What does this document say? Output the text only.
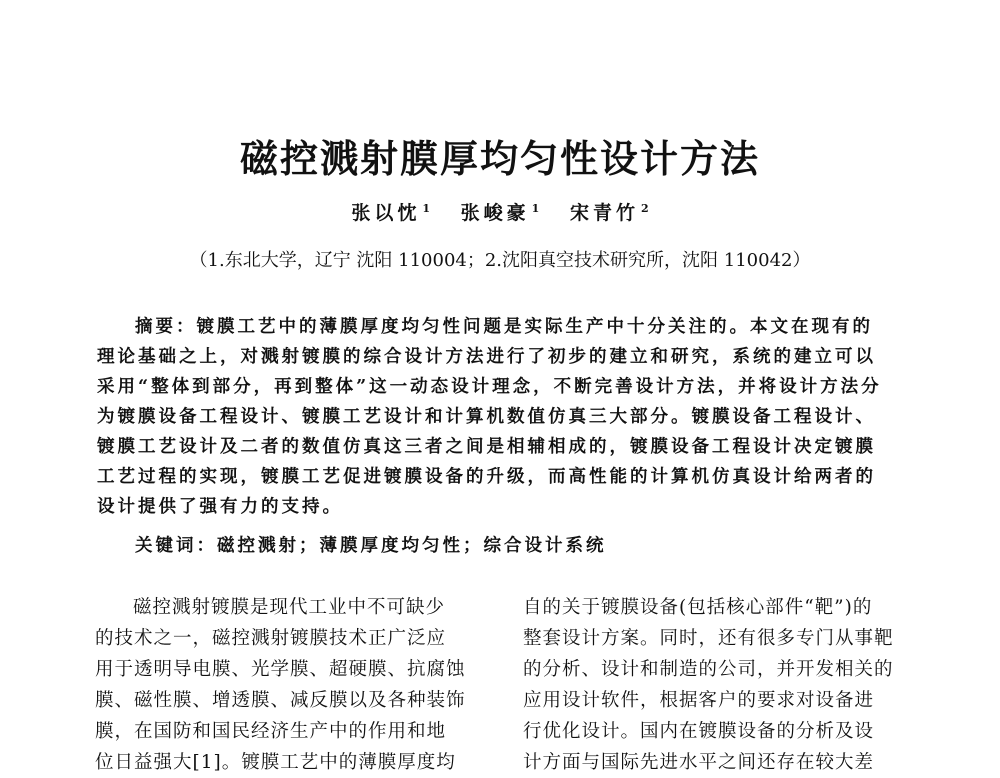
磁控溅射膜厚均匀性设计方法
张以忱 $^1$ 张峻豪 $^1$ 宋青竹 $^2$
（1.东北大学，辽宁 沈阳 110004；2.沈阳真空技术研究所，沈阳 110042）
摘要：镀膜工艺中的薄膜厚度均匀性问题是实际生产中十分关注的。本文在现有的
理论基础之上，对溅射镀膜的综合设计方法进行了初步的建立和研究，系统的建立可以
采用“整体到部分，再到整体”这一动态设计理念，不断完善设计方法，并将设计方法分
为镀膜设备工程设计、镀膜工艺设计和计算机数值仿真三大部分。镀膜设备工程设计、
镀膜工艺设计及二者的数值仿真这三者之间是相辅相成的，镀膜设备工程设计决定镀膜
工艺过程的实现，镀膜工艺促进镀膜设备的升级，而高性能的计算机仿真设计给两者的
设计提供了强有力的支持。
关键词：磁控溅射；薄膜厚度均匀性；综合设计系统
磁控溅射镀膜是现代工业中不可缺少
的技术之一，磁控溅射镀膜技术正广泛应
用于透明导电膜、光学膜、超硬膜、抗腐蚀
膜、磁性膜、增透膜、减反膜以及各种装饰
膜，在国防和国民经济生产中的作用和地
位日益强大[1]。镀膜工艺中的薄膜厚度均
自的关于镀膜设备(包括核心部件“靶”)的
整套设计方案。同时，还有很多专门从事靶
的分析、设计和制造的公司，并开发相关的
应用设计软件，根据客户的要求对设备进
行优化设计。国内在镀膜设备的分析及设
计方面与国际先进水平之间还存在较大差
